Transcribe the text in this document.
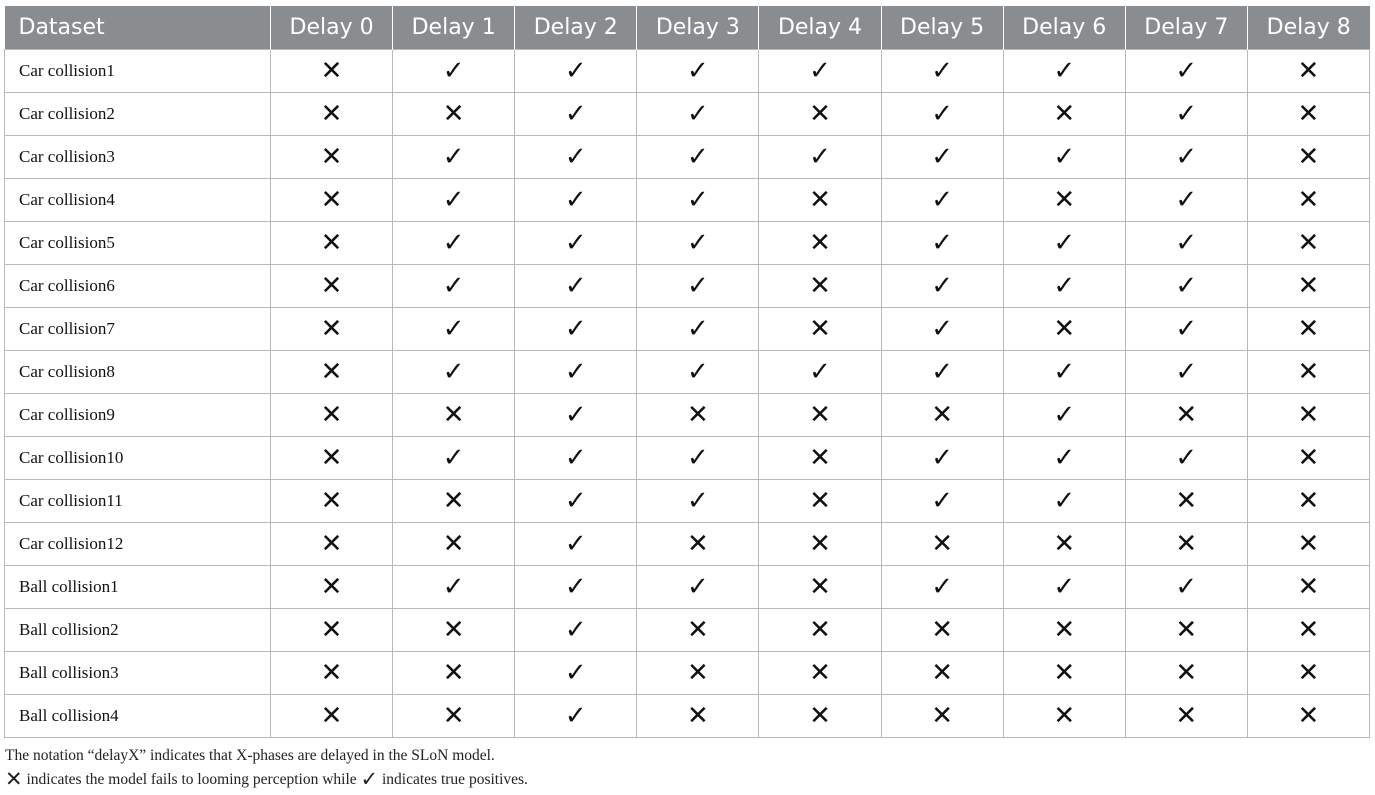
Dataset	Delay 0	Delay 1	Delay 2	Delay 3	Delay 4	Delay 5	Delay 6	Delay 7	Delay 8
Car collision1	✕	✓	✓	✓	✓	✓	✓	✓	✕
Car collision2	✕	✕	✓	✓	✕	✓	✕	✓	✕
Car collision3	✕	✓	✓	✓	✓	✓	✓	✓	✕
Car collision4	✕	✓	✓	✓	✕	✓	✕	✓	✕
Car collision5	✕	✓	✓	✓	✕	✓	✓	✓	✕
Car collision6	✕	✓	✓	✓	✕	✓	✓	✓	✕
Car collision7	✕	✓	✓	✓	✕	✓	✕	✓	✕
Car collision8	✕	✓	✓	✓	✓	✓	✓	✓	✕
Car collision9	✕	✕	✓	✕	✕	✕	✓	✕	✕
Car collision10	✕	✓	✓	✓	✕	✓	✓	✓	✕
Car collision11	✕	✕	✓	✓	✕	✓	✓	✕	✕
Car collision12	✕	✕	✓	✕	✕	✕	✕	✕	✕
Ball collision1	✕	✓	✓	✓	✕	✓	✓	✓	✕
Ball collision2	✕	✕	✓	✕	✕	✕	✕	✕	✕
Ball collision3	✕	✕	✓	✕	✕	✕	✕	✕	✕
Ball collision4	✕	✕	✓	✕	✕	✕	✕	✕	✕
The notation “delayX” indicates that X-phases are delayed in the SLoN model.
✕ indicates the model fails to looming perception while ✓ indicates true positives.
